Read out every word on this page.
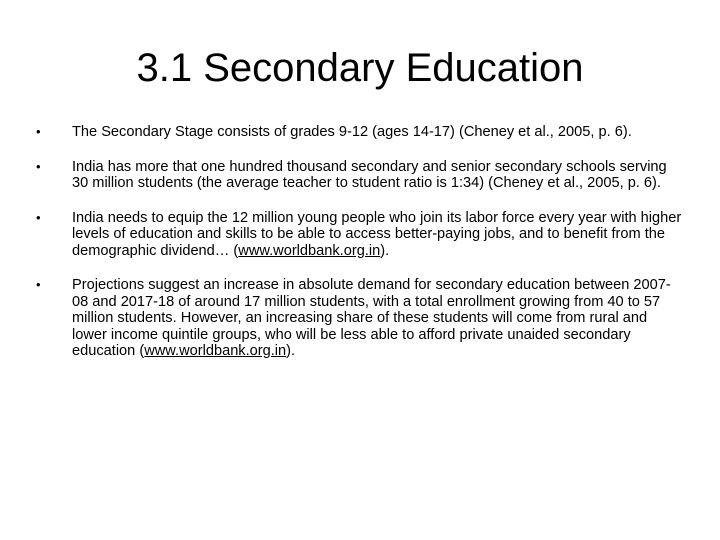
3.1 Secondary Education
•	The Secondary Stage consists of grades 9-12 (ages 14-17) (Cheney et al., 2005, p. 6).
•	India has more that one hundred thousand secondary and senior secondary schools serving 30 million students (the average teacher to student ratio is 1:34) (Cheney et al., 2005, p. 6).
•	India needs to equip the 12 million young people who join its labor force every year with higher levels of education and skills to be able to access better-paying jobs, and to benefit from the demographic dividend… (www.worldbank.org.in).
•	Projections suggest an increase in absolute demand for secondary education between 2007-08 and 2017-18 of around 17 million students, with a total enrollment growing from 40 to 57 million students. However, an increasing share of these students will come from rural and lower income quintile groups, who will be less able to afford private unaided secondary education (www.worldbank.org.in).
